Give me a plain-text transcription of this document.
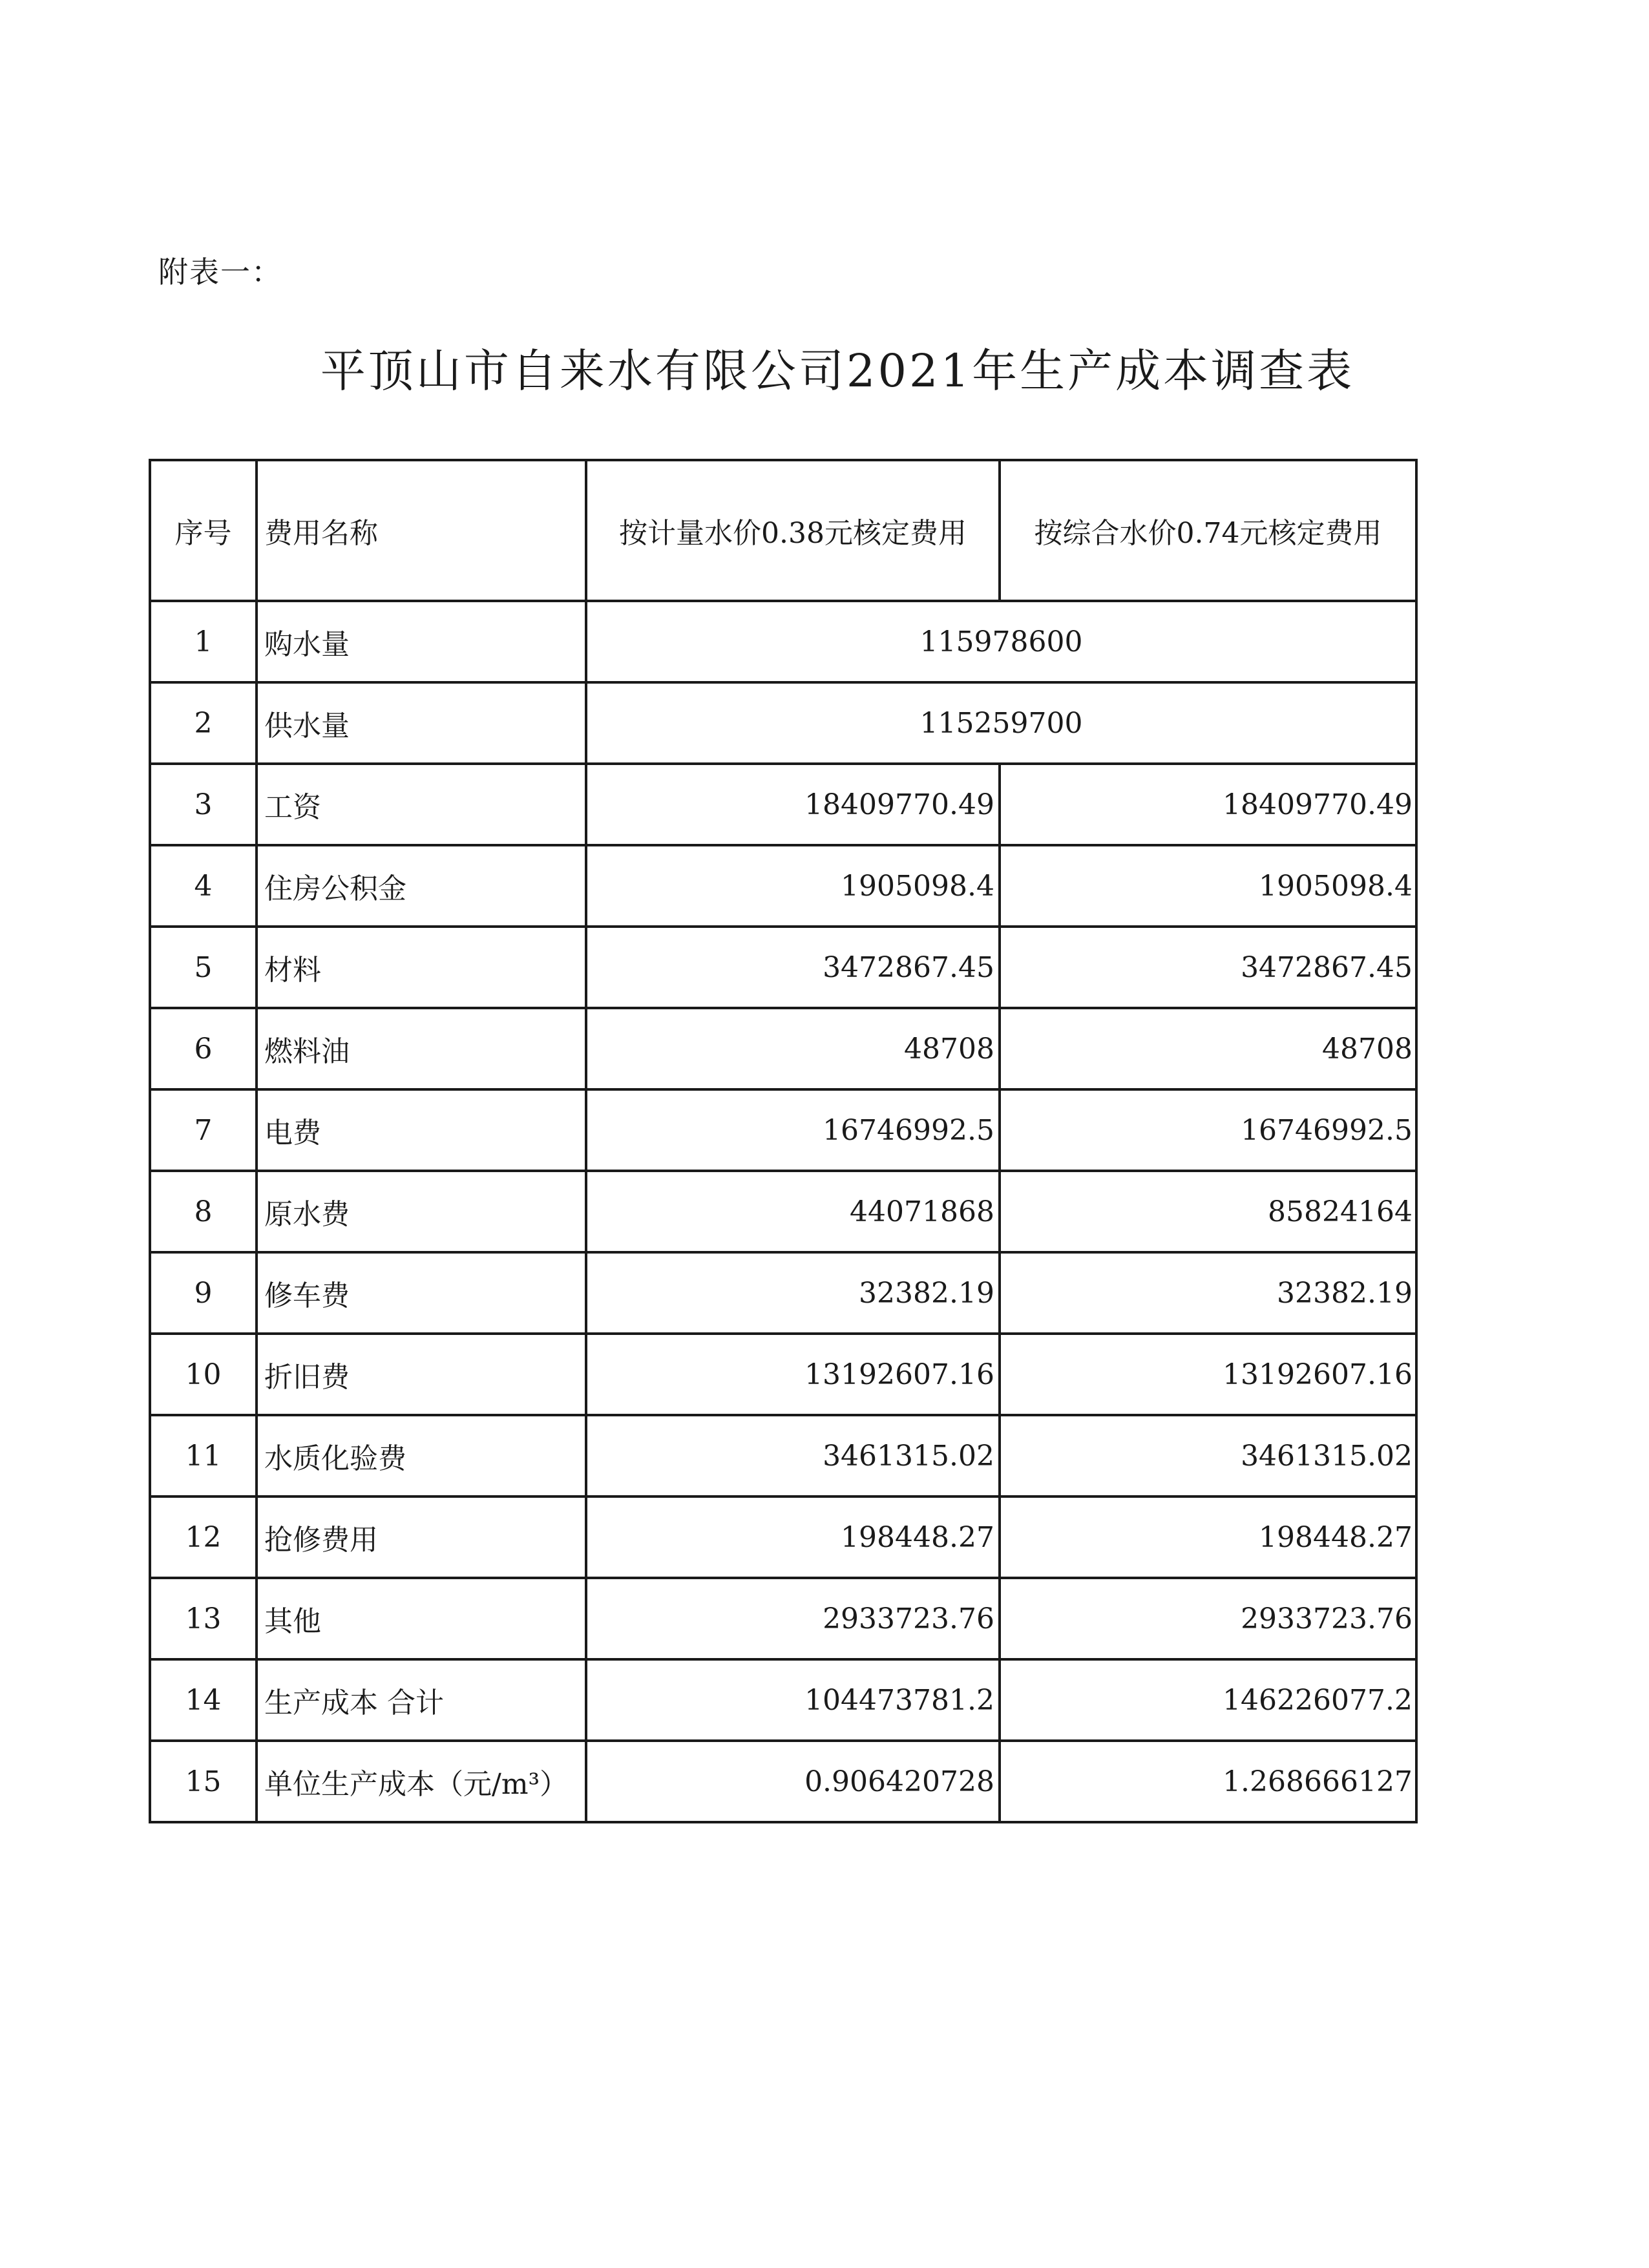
附表一：
平顶山市自来水有限公司2021年生产成本调查表
序号	费用名称	按计量水价0.38元核定费用	按综合水价0.74元核定费用
1	购水量	115978600	
2	供水量	115259700	
3	工资	18409770.49	18409770.49
4	住房公积金	1905098.4	1905098.4
5	材料	3472867.45	3472867.45
6	燃料油	48708	48708
7	电费	16746992.5	16746992.5
8	原水费	44071868	85824164
9	修车费	32382.19	32382.19
10	折旧费	13192607.16	13192607.16
11	水质化验费	3461315.02	3461315.02
12	抢修费用	198448.27	198448.27
13	其他	2933723.76	2933723.76
14	生产成本 合计	104473781.2	146226077.2
15	单位生产成本（元/m³）	0.906420728	1.268666127
